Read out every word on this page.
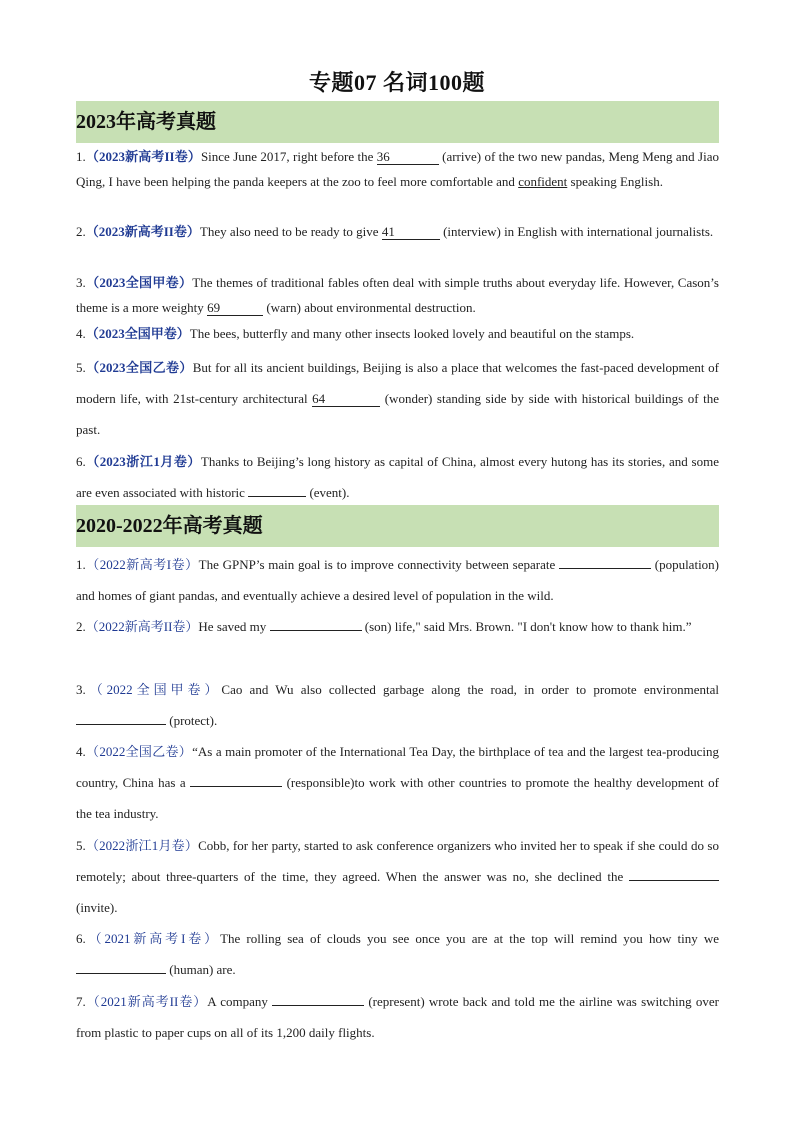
专题07 名词100题
2023年高考真题
1.（2023新高考II卷）Since June 2017, right before the 36	(arrive) of the two new pandas, Meng Meng and Jiao Qing, I have been helping the panda keepers at the zoo to feel more comfortable and confident speaking English.
2.（2023新高考II卷）They also need to be ready to give 41	(interview) in English with international journalists.
3.（2023全国甲卷）The themes of traditional fables often deal with simple truths about everyday life. However, Cason’s theme is a more weighty 69	(warn) about environmental destruction.
4.（2023全国甲卷）The bees, butterfly and many other insects looked lovely and beautiful on the stamps.
5.（2023全国乙卷）But for all its ancient buildings, Beijing is also a place that welcomes the fast-paced development of modern life, with 21st-century architectural 64	(wonder) standing side by side with historical buildings of the past.
6.（2023浙江1月卷）Thanks to Beijing’s long history as capital of China, almost every hutong has its stories, and some are even associated with historic	(event).
2020-2022年高考真题
1.（2022新高考I卷）The GPNP’s main goal is to improve connectivity between separate	(population) and homes of giant pandas, and eventually achieve a desired level of population in the wild.
2.（2022新高考II卷）He saved my	(son) life," said Mrs. Brown. "I don't know how to thank him.”
3.（2022全国甲卷）Cao and Wu also collected garbage along the road, in order to promote environmental  (protect).
4.（2022全国乙卷）“As a main promoter of the International Tea Day, the birthplace of tea and the largest tea-producing country, China has a	(responsible)to work with other countries to promote the healthy development of the tea industry.
5.（2022浙江1月卷）Cobb, for her party, started to ask conference organizers who invited her to speak if she could do so remotely; about three-quarters of the time, they agreed. When the answer was no, she declined the  (invite).
6.（2021新高考I卷）The rolling sea of clouds you see once you are at the top will remind you how tiny we  (human) are.
7.（2021新高考II卷）A company	(represent) wrote back and told me the airline was switching over from plastic to paper cups on all of its 1,200 daily flights.
